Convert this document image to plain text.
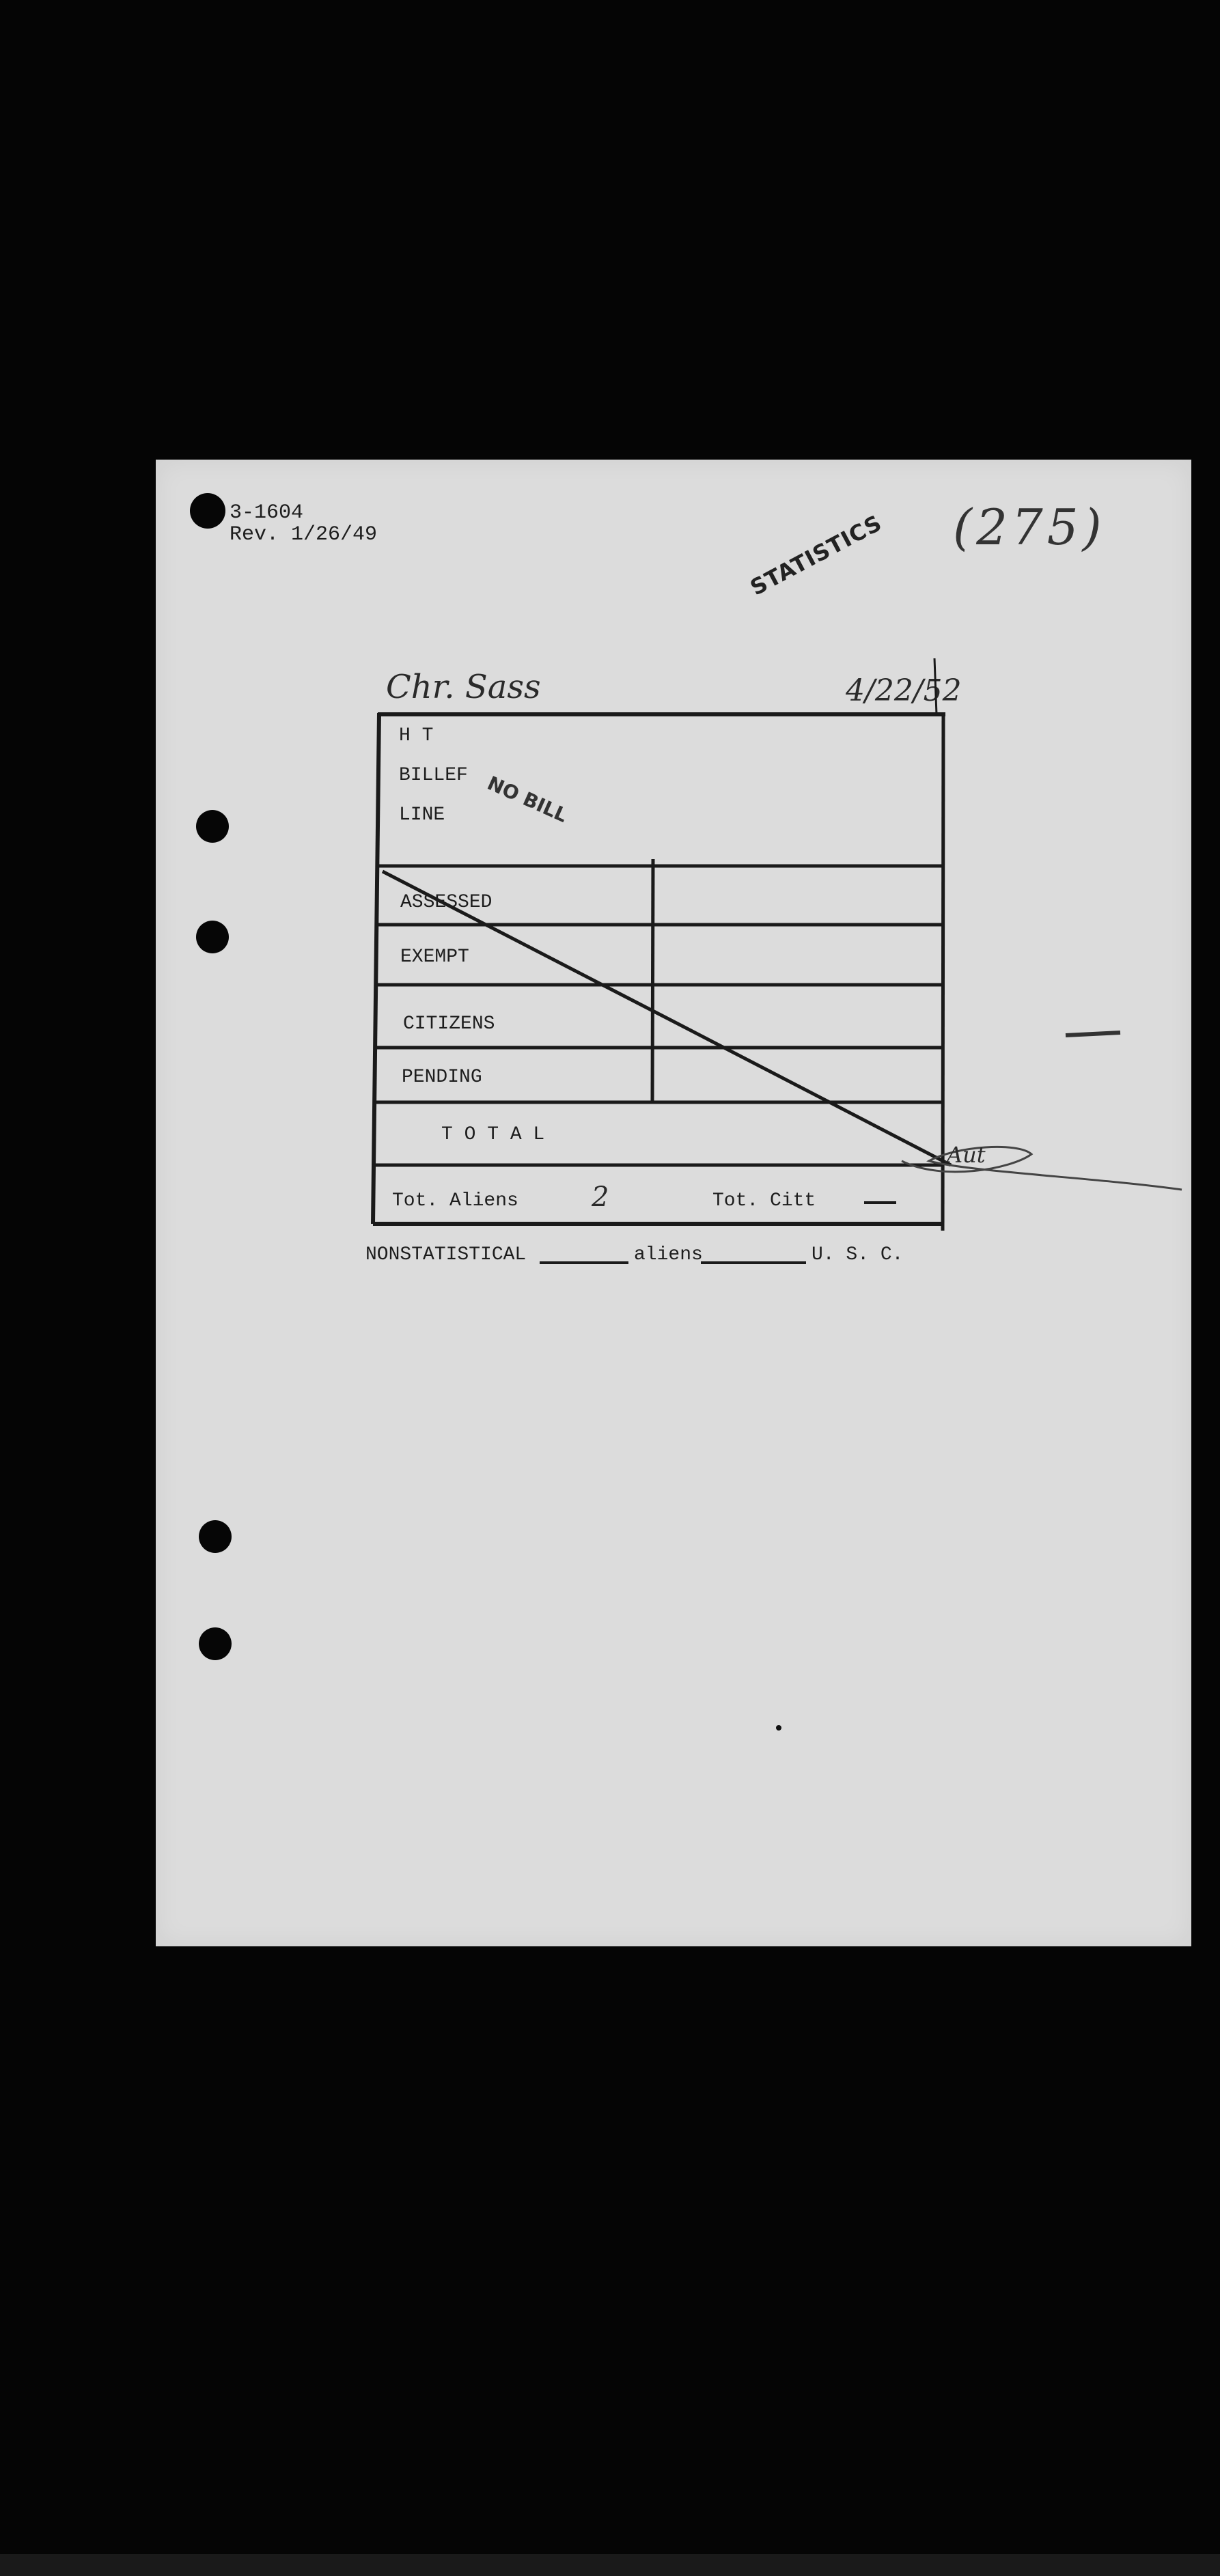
3-1604
Rev. 1/26/49	(275)
STATISTICS
Chr. Sass	4/22/52
H T
BILLEF
LINE NO BILL
ASSESSED
EXEMPT
CITIZENS
PENDING
T O T A L
Tot. Aliens	2	Tot. Citt
Aut
NONSTATISTICAL	aliens	U. S. C.
